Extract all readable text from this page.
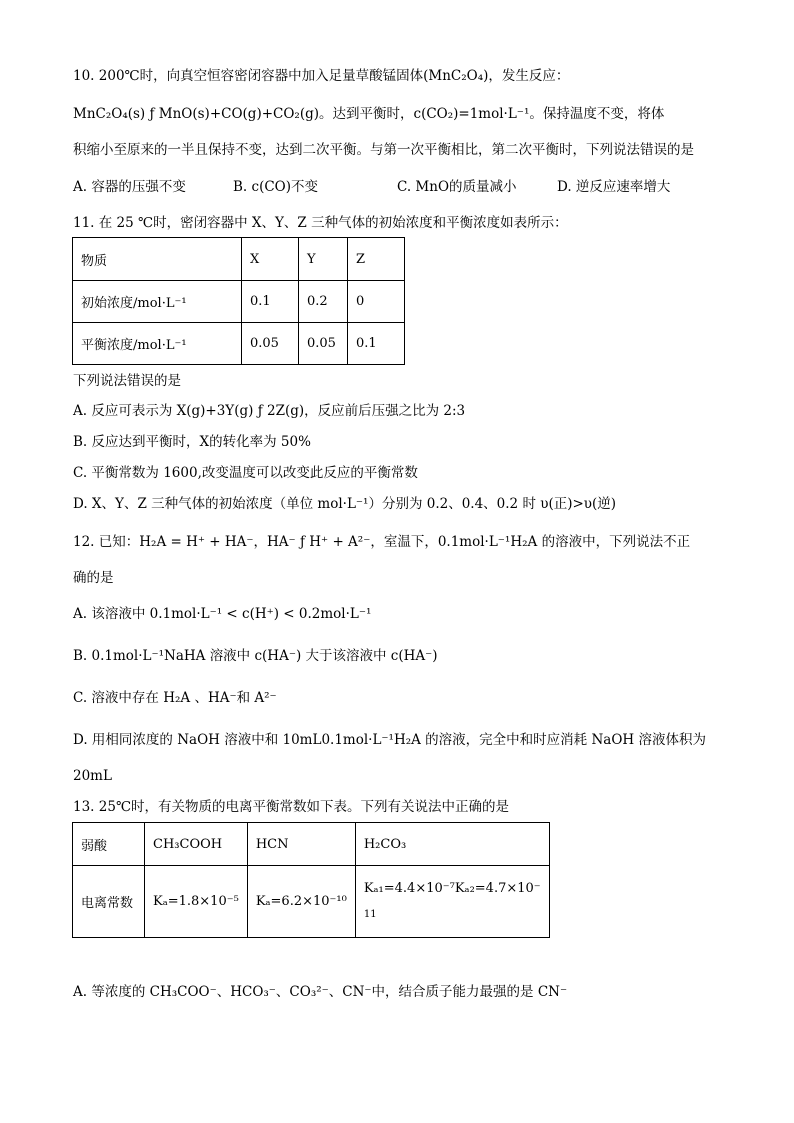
10. 200℃时，向真空恒容密闭容器中加入足量草酸锰固体(MnC₂O₄)，发生反应：
MnC₂O₄(s) ƒ MnO(s)+CO(g)+CO₂(g)。达到平衡时，c(CO₂)=1mol·L⁻¹。保持温度不变，将体
积缩小至原来的一半且保持不变，达到二次平衡。与第一次平衡相比，第二次平衡时，下列说法错误的是
A. 容器的压强不变	B. c(CO)不变	C. MnO的质量减小	D. 逆反应速率增大
11. 在 25 ℃时，密闭容器中 X、Y、Z 三种气体的初始浓度和平衡浓度如表所示：
物质	X	Y	Z
初始浓度/mol·L⁻¹	0.1	0.2	0
平衡浓度/mol·L⁻¹	0.05	0.05	0.1
下列说法错误的是
A. 反应可表示为 X(g)+3Y(g) ƒ 2Z(g)，反应前后压强之比为 2:3
B. 反应达到平衡时，X的转化率为 50%
C. 平衡常数为 1600,改变温度可以改变此反应的平衡常数
D. X、Y、Z 三种气体的初始浓度（单位 mol·L⁻¹）分别为 0.2、0.4、0.2 时 υ(正)>υ(逆)
12. 已知：H₂A = H⁺ + HA⁻，HA⁻ ƒ H⁺ + A²⁻，室温下，0.1mol·L⁻¹H₂A 的溶液中，下列说法不正
确的是
A. 该溶液中 0.1mol·L⁻¹ < c(H⁺) < 0.2mol·L⁻¹
B. 0.1mol·L⁻¹NaHA 溶液中 c(HA⁻) 大于该溶液中 c(HA⁻)
C. 溶液中存在 H₂A 、HA⁻和 A²⁻
D. 用相同浓度的 NaOH 溶液中和 10mL0.1mol·L⁻¹H₂A 的溶液，完全中和时应消耗 NaOH 溶液体积为
20mL
13. 25℃时，有关物质的电离平衡常数如下表。下列有关说法中正确的是
弱酸	CH₃COOH	HCN	H₂CO₃
电离常数	Kₐ=1.8×10⁻⁵	Kₐ=6.2×10⁻¹⁰	Kₐ₁=4.4×10⁻⁷Kₐ₂=4.7×10⁻
11
A. 等浓度的 CH₃COO⁻、HCO₃⁻、CO₃²⁻、CN⁻中，结合质子能力最强的是 CN⁻
